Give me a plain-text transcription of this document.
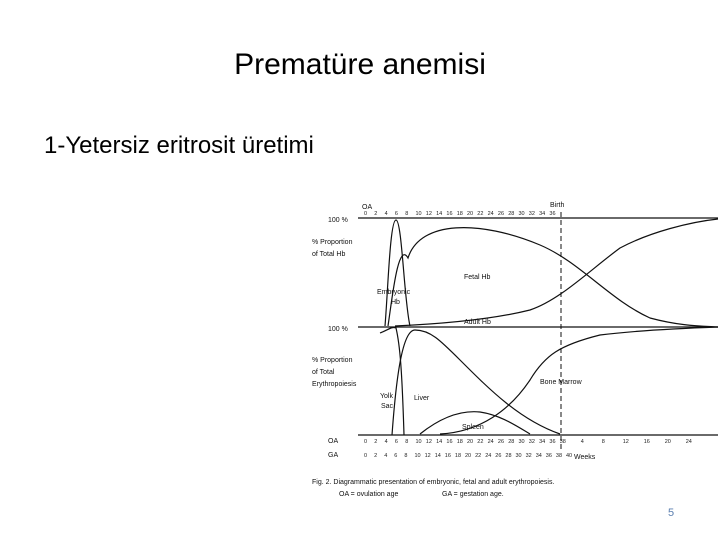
Prematüre anemisi
1-Yetersiz eritrosit üretimi
OA	Birth
0 2 4 6 8 10 12 14 16 18 20 22 24 26 28 30 32 34 36
100 %
% Proportion
of Total Hb
Embryonic
Hb
Fetal Hb
Adult Hb
100 %
% Proportion
of Total
Erythropoiesis
Yolk
Sac
Liver
Bone Marrow
Spleen
OA
GA
0 2 4 6 8 10 12 14 16 18 20 22 24 26 28 30 32 34 36 38	4	8	12	16	20	24
0 2 4 6 8 10 12 14 16 18 20 22 24 26 28 30 32 34 36 38 40 Weeks
Fig. 2. Diagrammatic presentation of embryonic, fetal and adult erythropoiesis.
OA = ovulation age	GA = gestation age.
5
